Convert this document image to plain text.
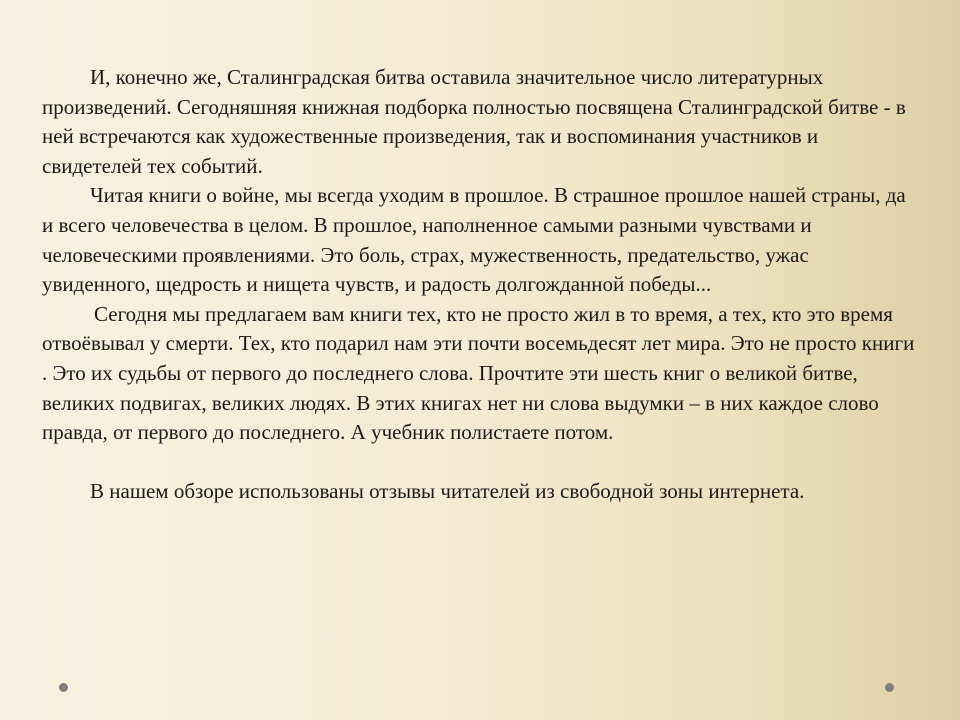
И, конечно же, Сталинградская битва оставила значительное число литературных произведений. Сегодняшняя книжная подборка полностью посвящена Сталинградской битве - в ней встречаются как художественные произведения, так и воспоминания участников и свидетелей тех событий.

Читая книги о войне, мы всегда уходим в прошлое. В страшное прошлое нашей страны, да и всего человечества в целом. В прошлое, наполненное самыми разными чувствами и человеческими проявлениями. Это боль, страх, мужественность, предательство, ужас увиденного, щедрость и нищета чувств, и радость долгожданной победы...

Сегодня мы предлагаем вам книги тех, кто не просто жил в то время, а тех, кто это время отвоёвывал у смерти. Тех, кто подарил нам эти почти восемьдесят лет мира. Это не просто книги . Это их судьбы от первого до последнего слова. Прочтите эти шесть книг о великой битве, великих подвигах, великих людях. В этих книгах нет ни слова выдумки – в них каждое слово правда, от первого до последнего. А учебник полистаете потом.

В нашем обзоре использованы отзывы читателей из свободной зоны интернета.
